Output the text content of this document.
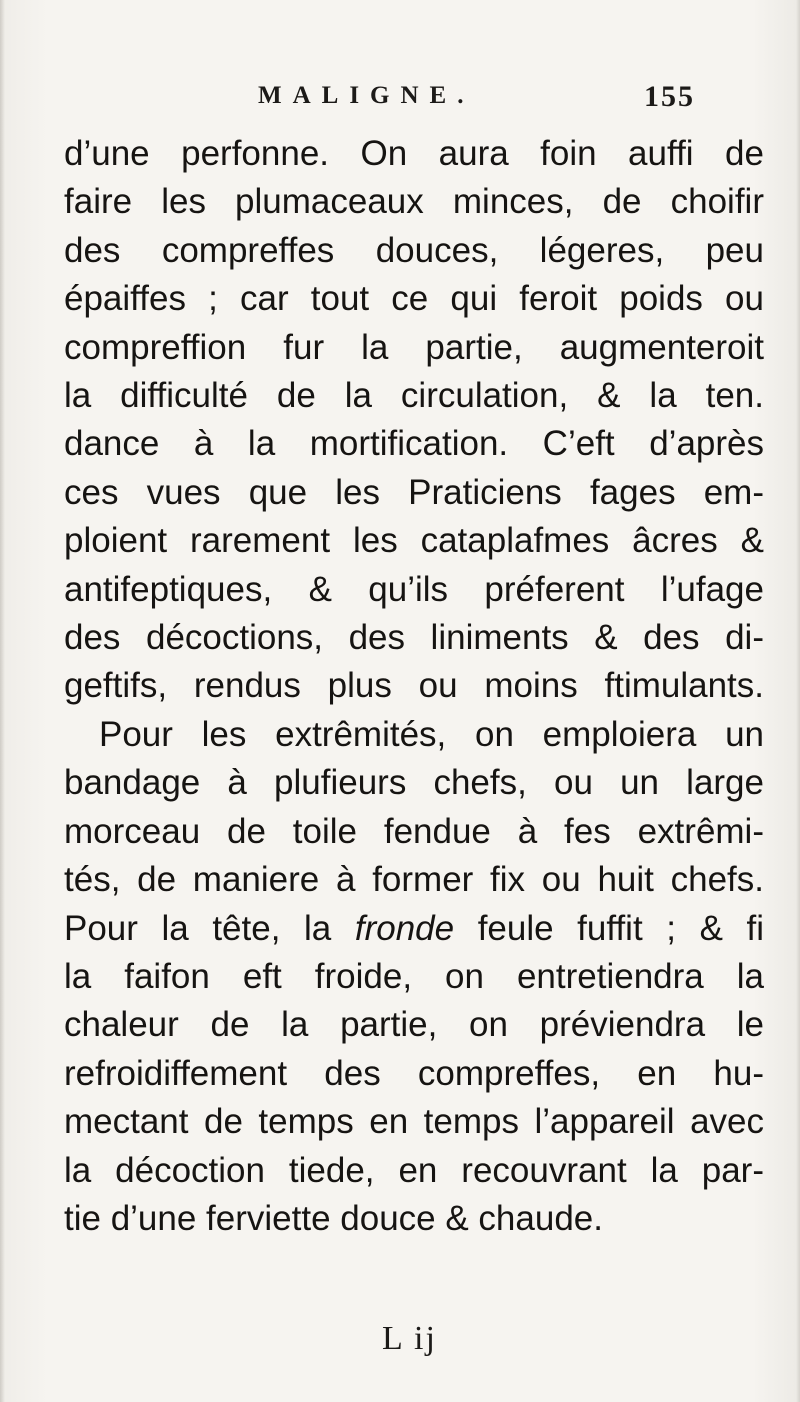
MALIGNE.	155
d’une perfonne. On aura foin auffi de
faire les plumaceaux minces, de choifir
des compreffes douces, légeres, peu
épaiffes ; car tout ce qui feroit poids ou
compreffion fur la partie, augmenteroit
la difficulté de la circulation, & la ten.
dance à la mortification. C’eft d’après
ces vues que les Praticiens fages em-
ploient rarement les cataplafmes âcres &
antifeptiques, & qu’ils préferent l’ufage
des décoctions, des liniments & des di-
geftifs, rendus plus ou moins ftimulants.
Pour les extrêmités, on emploiera un
bandage à plufieurs chefs, ou un large
morceau de toile fendue à fes extrêmi-
tés, de maniere à former fix ou huit chefs.
Pour la tête, la fronde feule fuffit ; & fi
la faifon eft froide, on entretiendra la
chaleur de la partie, on préviendra le
refroidiffement des compreffes, en hu-
mectant de temps en temps l’appareil avec
la décoction tiede, en recouvrant la par-
tie d’une ferviette douce & chaude.
L ij
